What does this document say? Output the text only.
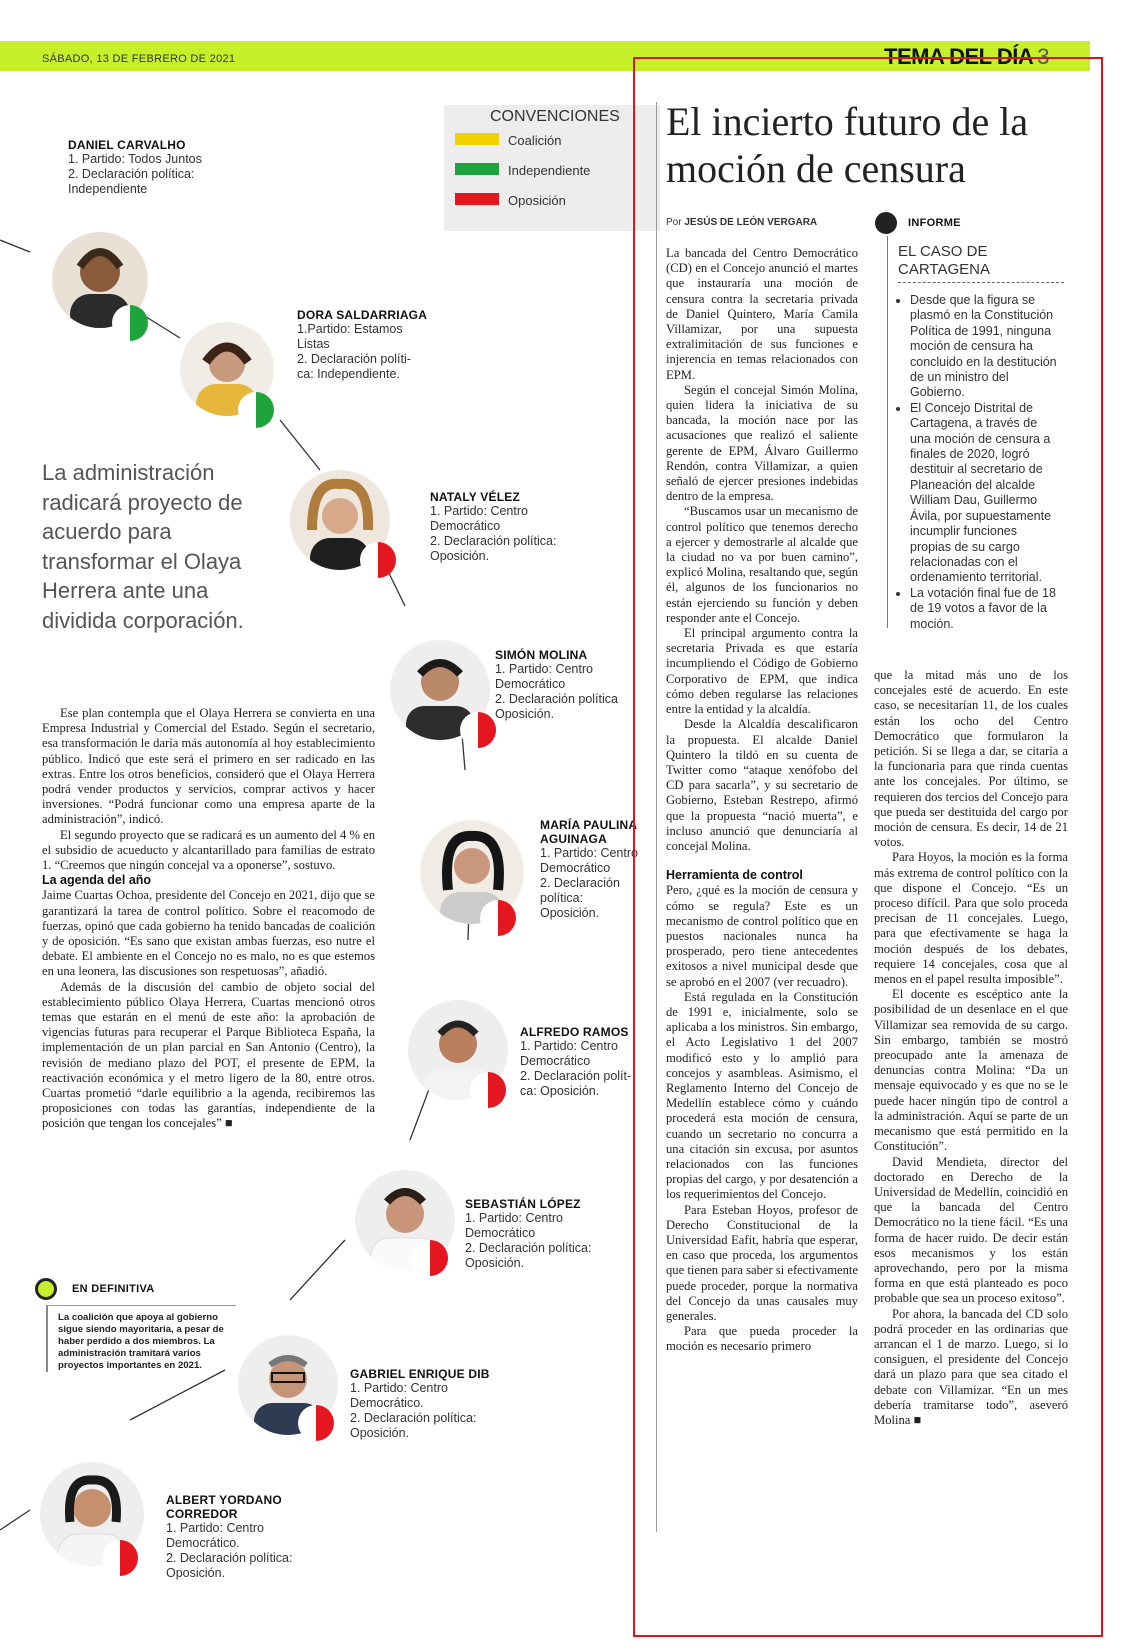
SÁBADO, 13 DE FEBRERO DE 2021	TEMA DEL DÍA 3
CONVENCIONES
Coalición
Independiente
Oposición
DANIEL CARVALHO
1. Partido: Todos Juntos
2. Declaración política:
Independiente
DORA SALDARRIAGA
1.Partido: Estamos
Listas
2. Declaración políti-
ca: Independiente.
NATALY VÉLEZ
1. Partido: Centro
Democrático
2. Declaración política:
Oposición.
SIMÓN MOLINA
1. Partido: Centro
Democrático
2. Declaración política
Oposición.
MARÍA PAULINA
AGUINAGA
1. Partido: Centro
Democrático
2. Declaración
política:
Oposición.
ALFREDO RAMOS
1. Partido: Centro
Democrático
2. Declaración polít-
ca: Oposición.
SEBASTIÁN LÓPEZ
1. Partido: Centro
Democrático
2. Declaración política:
Oposición.
GABRIEL ENRIQUE DIB
1. Partido: Centro
Democrático.
2. Declaración política:
Oposición.
ALBERT YORDANO CORREDOR
1. Partido: Centro
Democrático.
2. Declaración política:
Oposición.
La administración radicará proyecto de acuerdo para transformar el Olaya Herrera ante una dividida corporación.

Ese plan contempla que el Olaya Herrera se convierta en una Empresa Industrial y Comercial del Estado. Según el secretario, esa transformación le daría más autonomía al hoy establecimiento público. Indicó que este será el primero en ser radicado en las extras. Entre los otros beneficios, consideró que el Olaya Herrera podrá vender productos y servicios, comprar activos y hacer inversiones. “Podrá funcionar como una empresa aparte de la administración”, indicó.

El segundo proyecto que se radicará es un aumento del 4 % en el subsidio de acueducto y alcantarillado para familias de estrato 1. “Creemos que ningún concejal va a oponerse”, sostuvo.

La agenda del año

Jaime Cuartas Ochoa, presidente del Concejo en 2021, dijo que se garantizará la tarea de control político. Sobre el reacomodo de fuerzas, opinó que cada gobierno ha tenido bancadas de coalición y de oposición. “Es sano que existan ambas fuerzas, eso nutre el debate. El ambiente en el Concejo no es malo, no es que estemos en una leonera, las discusiones son respetuosas”, añadió.

Además de la discusión del cambio de objeto social del establecimiento público Olaya Herrera, Cuartas mencionó otros temas que estarán en el menú de este año: la aprobación de vigencias futuras para recuperar el Parque Biblioteca España, la implementación de un plan parcial en San Antonio (Centro), la revisión de mediano plazo del POT, el presente de EPM, la reactivación económica y el metro ligero de la 80, entre otros. Cuartas prometió “darle equilibrio a la agenda, recibiremos las proposiciones con todas las garantías, independiente de la posición que tengan los concejales” ■

EN DEFINITIVA
La coalición que apoya al gobierno sigue siendo mayoritaria, a pesar de haber perdido a dos miembros. La administración tramitará varios proyectos importantes en 2021.
El incierto futuro de la moción de censura
Por JESÚS DE LEÓN VERGARA

La bancada del Centro Democrático (CD) en el Concejo anunció el martes que instauraría una moción de censura contra la secretaria privada de Daniel Quintero, María Camila Villamizar, por una supuesta extralimitación de sus funciones e injerencia en temas relacionados con EPM.

Según el concejal Simón Molina, quien lidera la iniciativa de su bancada, la moción nace por las acusaciones que realizó el saliente gerente de EPM, Álvaro Guillermo Rendón, contra Villamizar, a quien señaló de ejercer presiones indebidas dentro de la empresa.

“Buscamos usar un mecanismo de control político que tenemos derecho a ejercer y demostrarle al alcalde que la ciudad no va por buen camino”, explicó Molina, resaltando que, según él, algunos de los funcionarios no están ejerciendo su función y deben responder ante el Concejo.

El principal argumento contra la secretaria Privada es que estaría incumpliendo el Código de Gobierno Corporativo de EPM, que indica cómo deben regularse las relaciones entre la entidad y la alcaldía.

Desde la Alcaldía descalificaron la propuesta. El alcalde Daniel Quintero la tildó en su cuenta de Twitter como “ataque xenófobo del CD para sacarla”, y su secretario de Gobierno, Esteban Restrepo, afirmó que la propuesta “nació muerta”, e incluso anunció que denunciaría al concejal Molina.

Herramienta de control

Pero, ¿qué es la moción de censura y cómo se regula? Este es un mecanismo de control político que en puestos nacionales nunca ha prosperado, pero tiene antecedentes exitosos a nivel municipal desde que se aprobó en el 2007 (ver recuadro).

Está regulada en la Constitución de 1991 e, inicialmente, solo se aplicaba a los ministros. Sin embargo, el Acto Legislativo 1 del 2007 modificó esto y lo amplió para concejos y asambleas. Asimismo, el Reglamento Interno del Concejo de Medellín establece cómo y cuándo procederá esta moción de censura, cuando un secretario no concurra a una citación sin excusa, por asuntos relacionados con las funciones propias del cargo, y por desatención a los requerimientos del Concejo.

Para Esteban Hoyos, profesor de Derecho Constitucional de la Universidad Eafit, habría que esperar, en caso que proceda, los argumentos que tienen para saber si efectivamente puede proceder, porque la normativa del Concejo da unas causales muy generales.

Para que pueda proceder la moción es necesario primero

que la mitad más uno de los concejales esté de acuerdo. En este caso, se necesitarían 11, de los cuales están los ocho del Centro Democrático que formularon la petición. Si se llega a dar, se citaría a la funcionaria para que rinda cuentas ante los concejales. Por último, se requieren dos tercios del Concejo para que pueda ser destituida del cargo por moción de censura. Es decir, 14 de 21 votos.

Para Hoyos, la moción es la forma más extrema de control político con la que dispone el Concejo. “Es un proceso difícil. Para que solo proceda precisan de 11 concejales. Luego, para que efectivamente se haga la moción después de los debates, requiere 14 concejales, cosa que al menos en el papel resulta imposible”.

El docente es escéptico ante la posibilidad de un desenlace en el que Villamizar sea removida de su cargo. Sin embargo, también se mostró preocupado ante la amenaza de denuncias contra Molina: “Da un mensaje equivocado y es que no se le puede hacer ningún tipo de control a la administración. Aquí se parte de un mecanismo que está permitido en la Constitución”.

David Mendieta, director del doctorado en Derecho de la Universidad de Medellín, coincidió en que la bancada del Centro Democrático no la tiene fácil. “Es una forma de hacer ruido. De decir están esos mecanismos y los están aprovechando, pero por la misma forma en que está planteado es poco probable que sea un proceso exitoso”.

Por ahora, la bancada del CD solo podrá proceder en las ordinarias que arrancan el 1 de marzo. Luego, si lo consiguen, el presidente del Concejo dará un plazo para que sea citado el debate con Villamizar. “En un mes debería tramitarse todo”, aseveró Molina ■

INFORME
EL CASO DE
CARTAGENA
• Desde que la figura se plasmó en la Constitución Política de 1991, ninguna moción de censura ha concluido en la destitución de un ministro del Gobierno.
• El Concejo Distrital de Cartagena, a través de una moción de censura a finales de 2020, logró destituir al secretario de Planeación del alcalde William Dau, Guillermo Ávila, por supuestamente incumplir funciones propias de su cargo relacionadas con el ordenamiento territorial.
• La votación final fue de 18 de 19 votos a favor de la moción.
